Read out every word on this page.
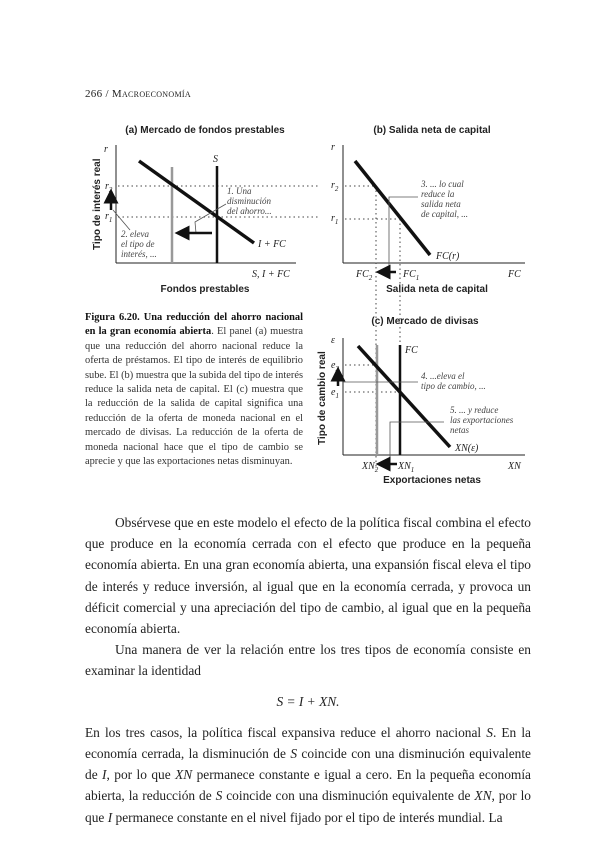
266 / Macroeconomía
(a) Mercado de fondos prestables
r
Tipo de interés real $r_2$
$r_1$
S
I + FC
1. Una disminución del ahorro...
2. eleva el tipo de interés, ...
S, I + FC
Fondos prestables
(b) Salida neta de capital
r
$r_2$
$r_1$
FC(r)
3. ... lo cual reduce la salida neta de capital, ...
$FC_2$	$FC_1$	FC
Salida neta de capital
(c) Mercado de divisas
ε
Tipo de cambio real $e_2$
$e_1$
FC
XN(ε)
4. ...eleva el tipo de cambio, ...
5. ... y reduce las exportaciones netas
$XN_2$ $XN_1$	XN
Exportaciones netas
Figura 6.20. Una reducción del ahorro nacional en la gran economía abierta. El panel (a) muestra que una reducción del ahorro nacional reduce la oferta de préstamos. El tipo de interés de equilibrio sube. El (b) muestra que la subida del tipo de interés reduce la salida neta de capital. El (c) muestra que la reducción de la salida de capital significa una reducción de la oferta de moneda nacional en el mercado de divisas. La reducción de la oferta de moneda nacional hace que el tipo de cambio se aprecie y que las exportaciones netas disminuyan.

Obsérvese que en este modelo el efecto de la política fiscal combina el efecto que produce en la economía cerrada con el efecto que produce en la pequeña economía abierta. En una gran economía abierta, una expansión fiscal eleva el tipo de interés y reduce inversión, al igual que en la economía cerrada, y provoca un déficit comercial y una apreciación del tipo de cambio, al igual que en la pequeña economía abierta.

Una manera de ver la relación entre los tres tipos de economía consiste en examinar la identidad

S = I + XN.

En los tres casos, la política fiscal expansiva reduce el ahorro nacional S. En la economía cerrada, la disminución de S coincide con una disminución equivalente de I, por lo que XN permanece constante e igual a cero. En la pequeña economía abierta, la reducción de S coincide con una disminución equivalente de XN, por lo que I permanece constante en el nivel fijado por el tipo de interés mundial. La
